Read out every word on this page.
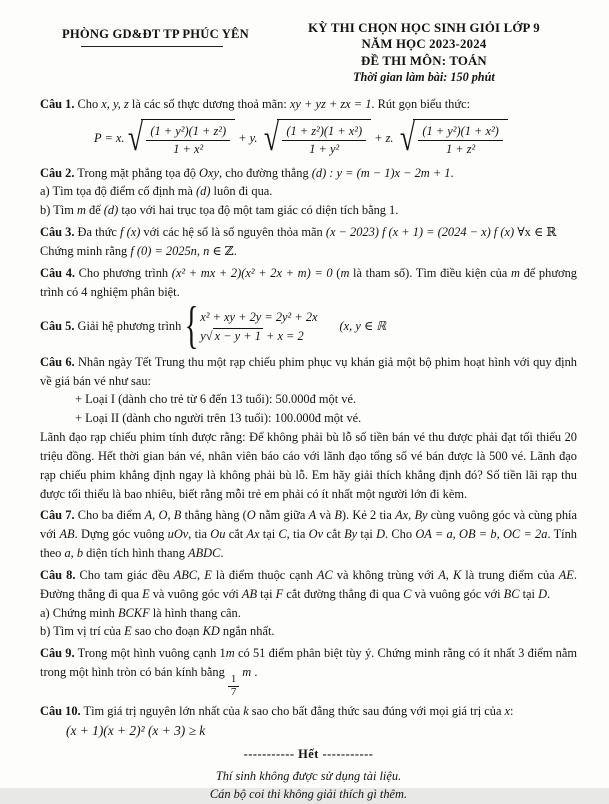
PHÒNG GD&ĐT TP PHÚC YÊN	KỲ THI CHỌN HỌC SINH GIỎI LỚP 9
NĂM HỌC 2023-2024
ĐỀ THI MÔN: TOÁN
Thời gian làm bài: 150 phút

Câu 1. Cho x, y, z là các số thực dương thoả mãn: xy + yz + zx = 1. Rút gọn biểu thức:

P = x. √ $\frac{\text{(1 + y²)(1 + z²)}}{\text{1 + x²}} + y$. √ $\frac{\text{(1 + z²)(1 + x²)}}{\text{1 + y²}} + z$. √ $\frac{\text{(1 + y²)(1 + x²)}}{\text{1 + z²}}$

Câu 2. Trong mặt phẳng tọa độ Oxy, cho đường thẳng (d) : y = (m − 1)x − 2m + 1.

a) Tìm tọa độ điểm cố định mà (d) luôn đi qua.

b) Tìm m để (d) tạo với hai trục tọa độ một tam giác có diện tích bằng 1.

Câu 3. Đa thức f (x) với các hệ số là số nguyên thỏa mãn (x − 2023) f (x + 1) = (2024 − x) f (x) ∀x ∈ ℝ

Chứng minh rằng f (0) = 2025n, n ∈ ℤ.

Câu 4. Cho phương trình (x² + mx + 2)(x² + 2x + m) = 0 (m là tham số). Tìm điều kiện của m để phương trình có 4 nghiệm phân biệt.

Câu 5. Giải hệ phương trình { x² + xy + 2y = 2y² + 2x
y√ x − y + 1 + x = 2
(x, y ∈ ℝ

Câu 6. Nhân ngày Tết Trung thu một rạp chiếu phim phục vụ khán giả một bộ phim hoạt hình với quy định về giá bán vé như sau:

+ Loại I (dành cho trẻ từ 6 đến 13 tuổi): 50.000đ một vé.

+ Loại II (dành cho người trên 13 tuổi): 100.000đ một vé.

Lãnh đạo rạp chiếu phim tính được rằng: Để không phải bù lỗ số tiền bán vé thu được phải đạt tối thiểu 20 triệu đồng. Hết thời gian bán vé, nhân viên báo cáo với lãnh đạo tổng số vé bán được là 500 vé. Lãnh đạo rạp chiếu phim khẳng định ngay là không phải bù lỗ. Em hãy giải thích khẳng định đó? Số tiền lãi rạp thu được tối thiểu là bao nhiêu, biết rằng mỗi trẻ em phải có ít nhất một người lớn đi kèm.

Câu 7. Cho ba điểm A, O, B thẳng hàng (O nằm giữa A và B). Kẻ 2 tia Ax, By cùng vuông góc và cùng phía với AB. Dựng góc vuông uOv, tia Ou cắt Ax tại C, tia Ov cắt By tại D. Cho OA = a, OB = b, OC = 2a. Tính theo a, b diện tích hình thang ABDC.

Câu 8. Cho tam giác đều ABC, E là điểm thuộc cạnh AC và không trùng với A, K là trung điểm của AE. Đường thẳng đi qua E và vuông góc với AB tại F cắt đường thẳng đi qua C và vuông góc với BC tại D.

a) Chứng minh BCKF là hình thang cân.

b) Tìm vị trí của E sao cho đoạn KD ngắn nhất.

Câu 9. Trong một hình vuông cạnh 1m có 51 điểm phân biệt tùy ý. Chứng minh rằng có ít nhất 3 điểm nằm trong một hình tròn có bán kính bằng
$\frac{1}{7}$
m .

Câu 10. Tìm giá trị nguyên lớn nhất của k sao cho bất đẳng thức sau đúng với mọi giá trị của x:

(x + 1)(x + 2)² (x + 3) ≥ k

----------- Hết -----------

Thí sinh không được sử dụng tài liệu.

Cán bộ coi thi không giải thích gì thêm.
